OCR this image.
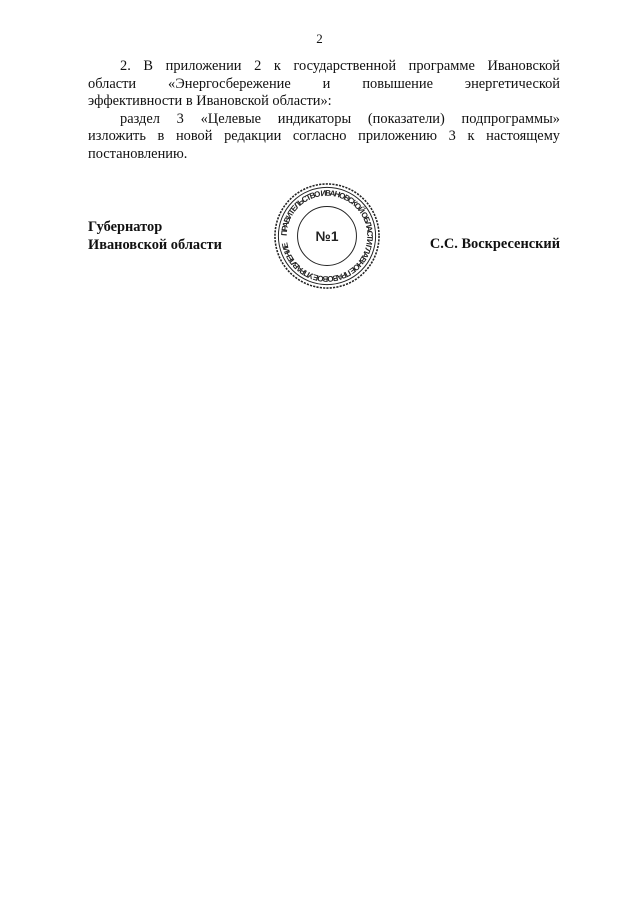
2

2. В приложении 2 к государственной программе Ивановской
области «Энергосбережение и повышение энергетической
эффективности в Ивановской области»:

раздел 3 «Целевые индикаторы (показатели) подпрограммы»
изложить в новой редакции согласно приложению 3 к настоящему
постановлению.

Губернатор
Ивановской области
ПРАВИТЕЛЬСТВО ИВАНОВСКОЙ ОБЛАСТИ ГЛАВНОЕ ПРАВОВОЕ УПРАВЛЕНИЕ
№1	С.С. Воскресенский
